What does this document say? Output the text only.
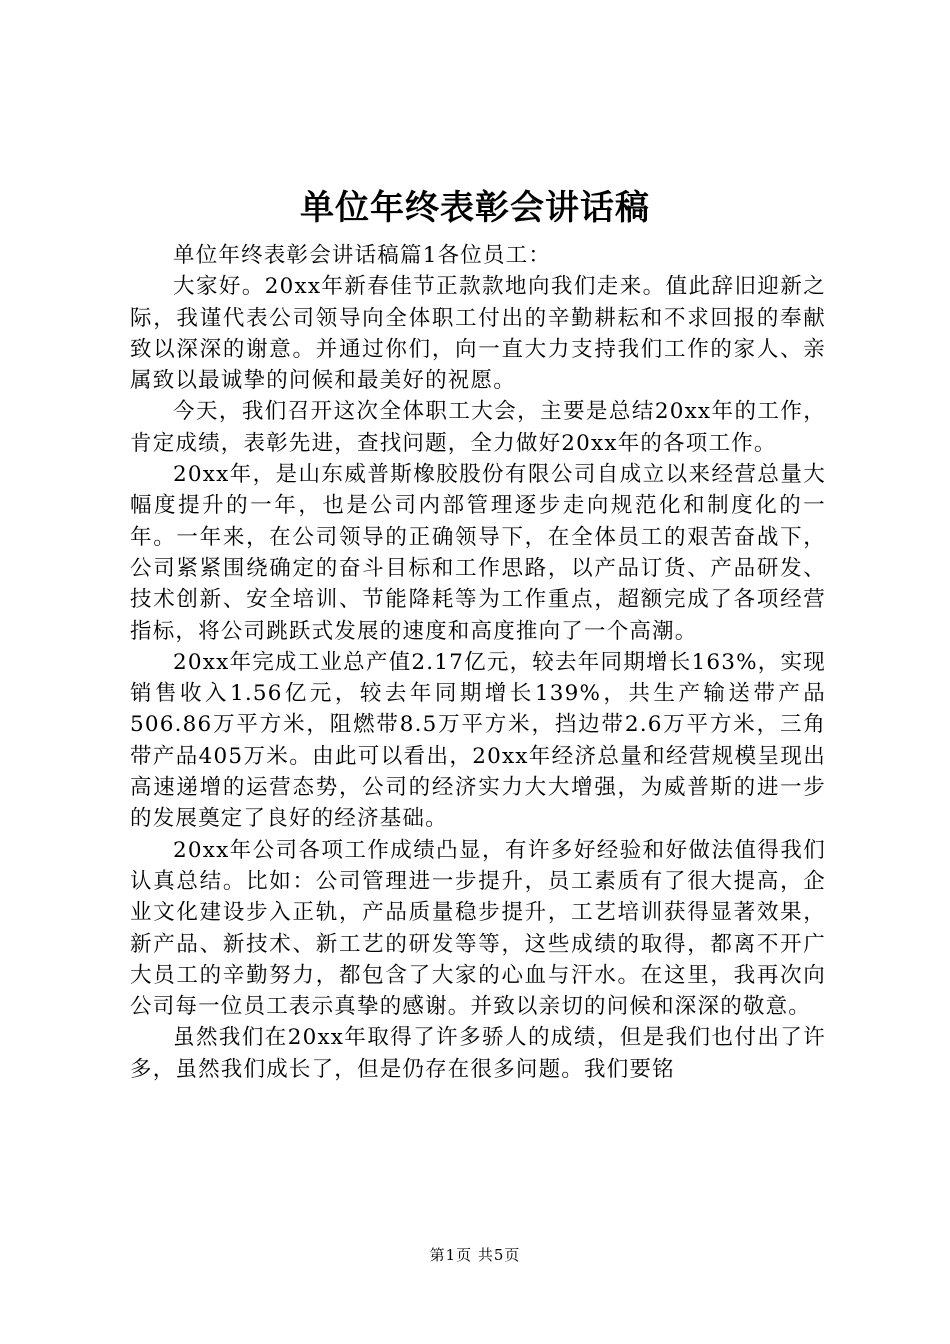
单位年终表彰会讲话稿

单位年终表彰会讲话稿篇1各位员工：

大家好。20xx年新春佳节正款款地向我们走来。值此辞旧迎新之际，我谨代表公司领导向全体职工付出的辛勤耕耘和不求回报的奉献致以深深的谢意。并通过你们，向一直大力支持我们工作的家人、亲属致以最诚挚的问候和最美好的祝愿。

今天，我们召开这次全体职工大会，主要是总结20xx年的工作，肯定成绩，表彰先进，查找问题，全力做好20xx年的各项工作。

20xx年，是山东威普斯橡胶股份有限公司自成立以来经营总量大幅度提升的一年，也是公司内部管理逐步走向规范化和制度化的一年。一年来，在公司领导的正确领导下，在全体员工的艰苦奋战下，公司紧紧围绕确定的奋斗目标和工作思路，以产品订货、产品研发、技术创新、安全培训、节能降耗等为工作重点，超额完成了各项经营指标，将公司跳跃式发展的速度和高度推向了一个高潮。

20xx年完成工业总产值2.17亿元，较去年同期增长163%，实现销售收入1.56亿元，较去年同期增长139%，共生产输送带产品506.86万平方米，阻燃带8.5万平方米，挡边带2.6万平方米，三角带产品405万米。由此可以看出，20xx年经济总量和经营规模呈现出高速递增的运营态势，公司的经济实力大大增强，为威普斯的进一步的发展奠定了良好的经济基础。

20xx年公司各项工作成绩凸显，有许多好经验和好做法值得我们认真总结。比如：公司管理进一步提升，员工素质有了很大提高，企业文化建设步入正轨，产品质量稳步提升，工艺培训获得显著效果，新产品、新技术、新工艺的研发等等，这些成绩的取得，都离不开广大员工的辛勤努力，都包含了大家的心血与汗水。在这里，我再次向公司每一位员工表示真挚的感谢。并致以亲切的问候和深深的敬意。

虽然我们在20xx年取得了许多骄人的成绩，但是我们也付出了许多，虽然我们成长了，但是仍存在很多问题。我们要铭

第1页 共5页
